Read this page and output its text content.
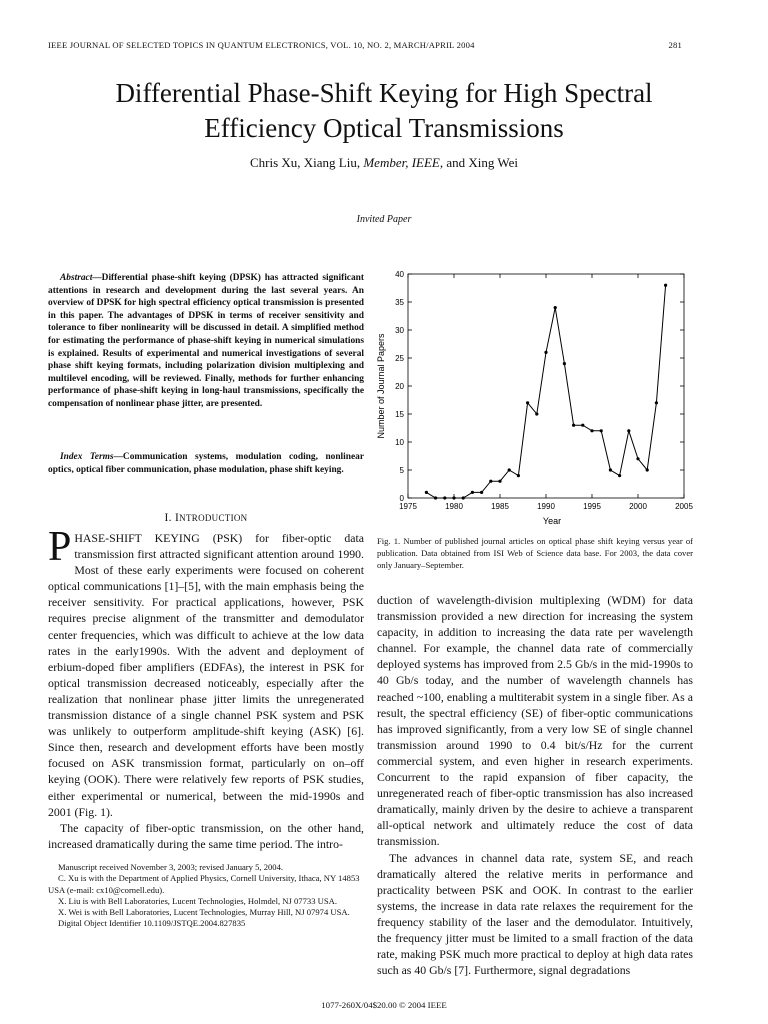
IEEE JOURNAL OF SELECTED TOPICS IN QUANTUM ELECTRONICS, VOL. 10, NO. 2, MARCH/APRIL 2004	281
Differential Phase-Shift Keying for High Spectral
Efficiency Optical Transmissions
Chris Xu, Xiang Liu, Member, IEEE, and Xing Wei
Invited Paper
Abstract—Differential phase-shift keying (DPSK) has attracted significant attentions in research and development during the last several years. An overview of DPSK for high spectral efficiency optical transmission is presented in this paper. The advantages of DPSK in terms of receiver sensitivity and tolerance to fiber nonlinearity will be discussed in detail. A simplified method for estimating the performance of phase-shift keying in numerical simulations is explained. Results of experimental and numerical investigations of several phase shift keying formats, including polarization division multiplexing and multilevel encoding, will be reviewed. Finally, methods for further enhancing performance of phase-shift keying in long-haul transmissions, specifically the compensation of nonlinear phase jitter, are presented.
Index Terms—Communication systems, modulation coding, nonlinear optics, optical fiber communication, phase modulation, phase shift keying.
I. INTRODUCTION

PHASE-SHIFT KEYING (PSK) for fiber-optic data transmission first attracted significant attention around 1990. Most of these early experiments were focused on coherent optical communications [1]–[5], with the main emphasis being the receiver sensitivity. For practical applications, however, PSK requires precise alignment of the transmitter and demodulator center frequencies, which was difficult to achieve at the low data rates in the early1990s. With the advent and deployment of erbium-doped fiber amplifiers (EDFAs), the interest in PSK for optical transmission decreased noticeably, especially after the realization that nonlinear phase jitter limits the unregenerated transmission distance of a single channel PSK system and PSK was unlikely to outperform amplitude-shift keying (ASK) [6]. Since then, research and development efforts have been mostly focused on ASK transmission format, particularly on on–off keying (OOK). There were relatively few reports of PSK studies, either experimental or numerical, between the mid-1990s and 2001 (Fig. 1).

The capacity of fiber-optic transmission, on the other hand, increased dramatically during the same time period. The intro-

Manuscript received November 3, 2003; revised January 5, 2004.

C. Xu is with the Department of Applied Physics, Cornell University, Ithaca, NY 14853 USA (e-mail: cx10@cornell.edu).

X. Liu is with Bell Laboratories, Lucent Technologies, Holmdel, NJ 07733 USA.

X. Wei is with Bell Laboratories, Lucent Technologies, Murray Hill, NJ 07974 USA.

Digital Object Identifier 10.1109/JSTQE.2004.827835

0
5
10
15
20
25
30
35
40
1975	1980	1985	1990	1995	2000	2005
Number of Journal Papers
Year
Fig. 1. Number of published journal articles on optical phase shift keying versus year of publication. Data obtained from ISI Web of Science data base. For 2003, the data cover only January–September.

duction of wavelength-division multiplexing (WDM) for data transmission provided a new direction for increasing the system capacity, in addition to increasing the data rate per wavelength channel. For example, the channel data rate of commercially deployed systems has improved from 2.5 Gb/s in the mid-1990s to 40 Gb/s today, and the number of wavelength channels has reached ~100, enabling a multiterabit system in a single fiber. As a result, the spectral efficiency (SE) of fiber-optic communications has improved significantly, from a very low SE of single channel transmission around 1990 to 0.4 bit/s/Hz for the current commercial system, and even higher in research experiments. Concurrent to the rapid expansion of fiber capacity, the unregenerated reach of fiber-optic transmission has also increased dramatically, mainly driven by the desire to achieve a transparent all-optical network and ultimately reduce the cost of data transmission.

The advances in channel data rate, system SE, and reach dramatically altered the relative merits in performance and practicality between PSK and OOK. In contrast to the earlier systems, the increase in data rate relaxes the requirement for the frequency stability of the laser and the demodulator. Intuitively, the frequency jitter must be limited to a small fraction of the data rate, making PSK much more practical to deploy at high data rates such as 40 Gb/s [7]. Furthermore, signal degradations

1077-260X/04$20.00 © 2004 IEEE
